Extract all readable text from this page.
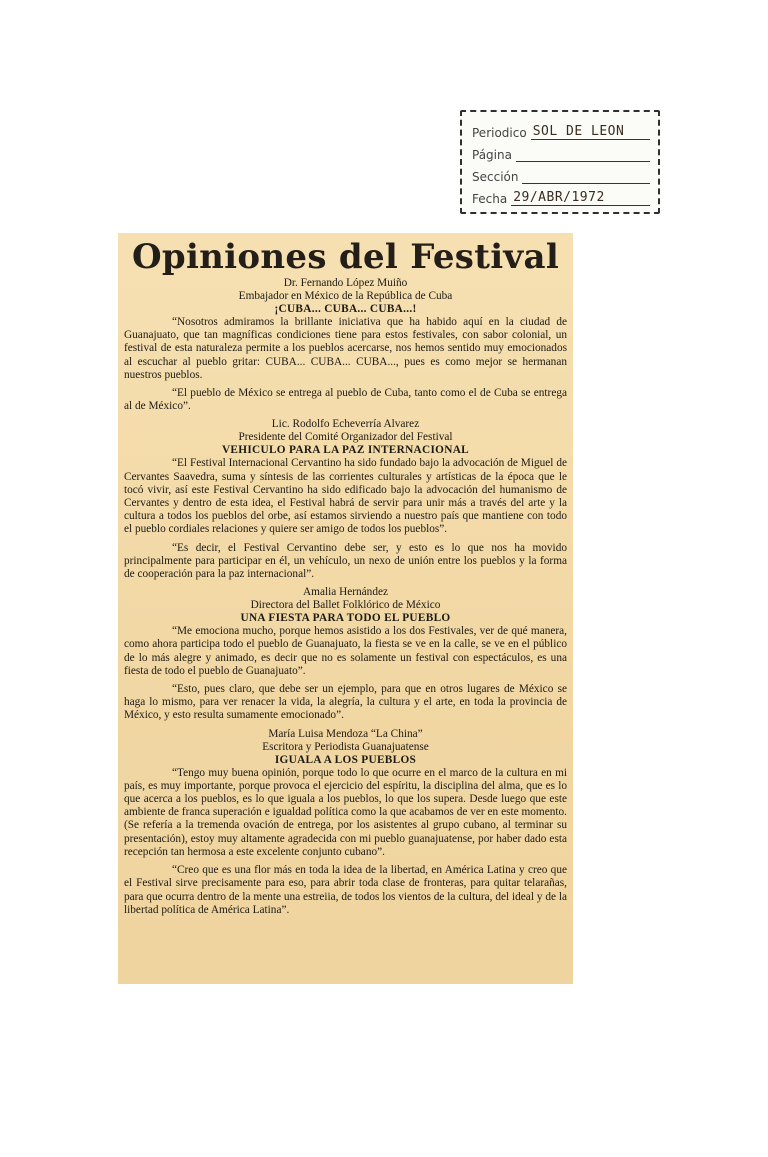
Periodico SOL DE LEON
Página
Sección
Fecha 29/ABR/1972
Opiniones del Festival

Dr. Fernando López Muiño

Embajador en México de la República de Cuba

¡CUBA... CUBA... CUBA...!

“Nosotros admiramos la brillante iniciativa que ha habido aquí en la ciudad de Guanajuato, que tan magníficas condiciones tiene para estos festivales, con sabor colonial, un festival de esta naturaleza permite a los pueblos acercarse, nos hemos sentido muy emocionados al escuchar al pueblo gritar: CUBA... CUBA... CUBA..., pues es como mejor se hermanan nuestros pueblos.

“El pueblo de México se entrega al pueblo de Cuba, tanto como el de Cuba se entrega al de México”.

Lic. Rodolfo Echeverría Alvarez

Presidente del Comité Organizador del Festival

VEHICULO PARA LA PAZ INTERNACIONAL

“El Festival Internacional Cervantino ha sido fundado bajo la advocación de Miguel de Cervantes Saavedra, suma y síntesis de las corrientes culturales y artísticas de la época que le tocó vivir, así este Festival Cervantino ha sido edificado bajo la advocación del humanismo de Cervantes y dentro de esta idea, el Festival habrá de servir para unir más a través del arte y la cultura a todos los pueblos del orbe, así estamos sirviendo a nuestro país que mantiene con todo el pueblo cordiales relaciones y quiere ser amigo de todos los pueblos”.

“Es decir, el Festival Cervantino debe ser, y esto es lo que nos ha movido principalmente para participar en él, un vehículo, un nexo de unión entre los pueblos y la forma de cooperación para la paz internacional”.

Amalia Hernández

Directora del Ballet Folklórico de México

UNA FIESTA PARA TODO EL PUEBLO

“Me emociona mucho, porque hemos asistido a los dos Festivales, ver de qué manera, como ahora participa todo el pueblo de Guanajuato, la fiesta se ve en la calle, se ve en el público de lo más alegre y animado, es decir que no es solamente un festival con espectáculos, es una fiesta de todo el pueblo de Guanajuato”.

“Esto, pues claro, que debe ser un ejemplo, para que en otros lugares de México se haga lo mismo, para ver renacer la vida, la alegría, la cultura y el arte, en toda la provincia de México, y esto resulta sumamente emocionado”.

María Luisa Mendoza “La China”

Escritora y Periodista Guanajuatense

IGUALA A LOS PUEBLOS

“Tengo muy buena opinión, porque todo lo que ocurre en el marco de la cultura en mi país, es muy importante, porque provoca el ejercicio del espíritu, la disciplina del alma, que es lo que acerca a los pueblos, es lo que iguala a los pueblos, lo que los supera. Desde luego que este ambiente de franca superación e igualdad política como la que acabamos de ver en este momento. (Se refería a la tremenda ovación de entrega, por los asistentes al grupo cubano, al terminar su presentación), estoy muy altamente agradecida con mi pueblo guanajuatense, por haber dado esta recepción tan hermosa a este excelente conjunto cubano”.

“Creo que es una flor más en toda la idea de la libertad, en América Latina y creo que el Festival sirve precisamente para eso, para abrir toda clase de fronteras, para quitar telarañas, para que ocurra dentro de la mente una estreiia, de todos los vientos de la cultura, del ideal y de la libertad política de América Latina”.
